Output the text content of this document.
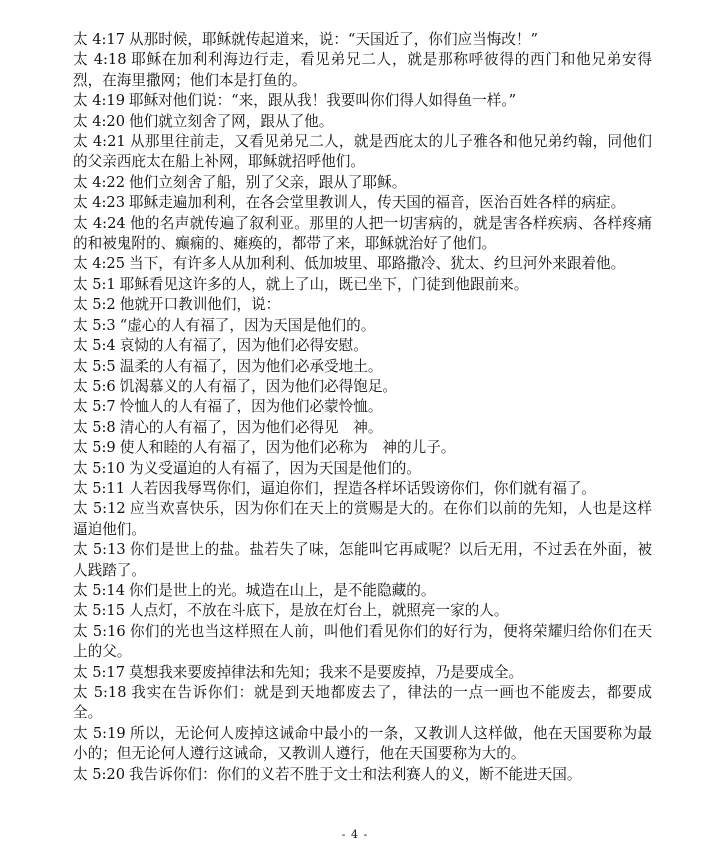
太 4:17 从那时候，耶稣就传起道来，说：“天国近了，你们应当悔改！”

太 4:18 耶稣在加利利海边行走，看见弟兄二人，就是那称呼彼得的西门和他兄弟安得烈，在海里撒网；他们本是打鱼的。

太 4:19 耶稣对他们说：“来，跟从我！我要叫你们得人如得鱼一样。”

太 4:20 他们就立刻舍了网，跟从了他。

太 4:21 从那里往前走，又看见弟兄二人，就是西庇太的儿子雅各和他兄弟约翰，同他们的父亲西庇太在船上补网，耶稣就招呼他们。

太 4:22 他们立刻舍了船，别了父亲，跟从了耶稣。

太 4:23 耶稣走遍加利利，在各会堂里教训人，传天国的福音，医治百姓各样的病症。

太 4:24 他的名声就传遍了叙利亚。那里的人把一切害病的，就是害各样疾病、各样疼痛的和被鬼附的、癫痫的、瘫痪的，都带了来，耶稣就治好了他们。

太 4:25 当下，有许多人从加利利、低加坡里、耶路撒冷、犹太、约旦河外来跟着他。

太 5:1 耶稣看见这许多的人，就上了山，既已坐下，门徒到他跟前来。

太 5:2 他就开口教训他们，说：

太 5:3 “虚心的人有福了，因为天国是他们的。

太 5:4 哀恸的人有福了，因为他们必得安慰。

太 5:5 温柔的人有福了，因为他们必承受地土。

太 5:6 饥渴慕义的人有福了，因为他们必得饱足。

太 5:7 怜恤人的人有福了，因为他们必蒙怜恤。

太 5:8 清心的人有福了，因为他们必得见　神。

太 5:9 使人和睦的人有福了，因为他们必称为　神的儿子。

太 5:10 为义受逼迫的人有福了，因为天国是他们的。

太 5:11 人若因我辱骂你们，逼迫你们，捏造各样坏话毁谤你们，你们就有福了。

太 5:12 应当欢喜快乐，因为你们在天上的赏赐是大的。在你们以前的先知，人也是这样逼迫他们。

太 5:13 你们是世上的盐。盐若失了味，怎能叫它再咸呢？以后无用，不过丢在外面，被人践踏了。

太 5:14 你们是世上的光。城造在山上，是不能隐藏的。

太 5:15 人点灯，不放在斗底下，是放在灯台上，就照亮一家的人。

太 5:16 你们的光也当这样照在人前，叫他们看见你们的好行为，便将荣耀归给你们在天上的父。

太 5:17 莫想我来要废掉律法和先知；我来不是要废掉，乃是要成全。

太 5:18 我实在告诉你们：就是到天地都废去了，律法的一点一画也不能废去，都要成全。

太 5:19 所以，无论何人废掉这诫命中最小的一条，又教训人这样做，他在天国要称为最小的；但无论何人遵行这诫命，又教训人遵行，他在天国要称为大的。

太 5:20 我告诉你们：你们的义若不胜于文士和法利赛人的义，断不能进天国。

- 4 -
